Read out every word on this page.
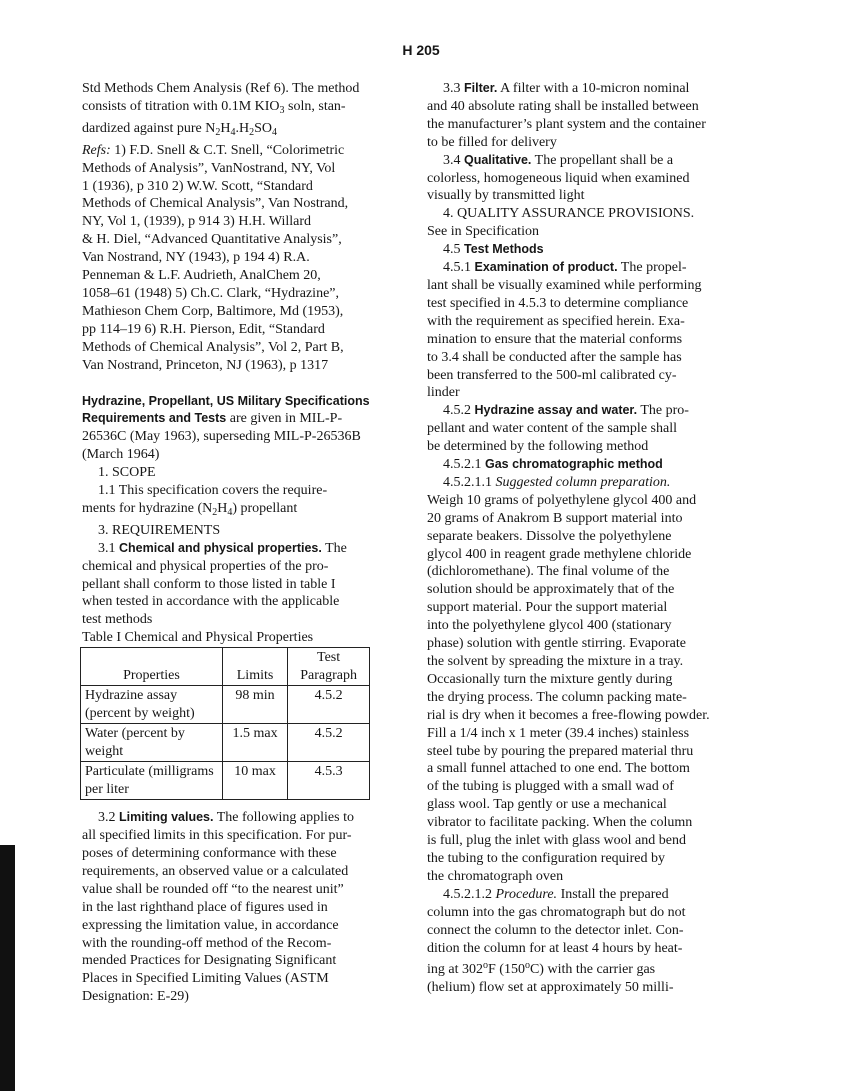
H 205

Std Methods Chem Analysis (Ref 6). The method
consists of titration with 0.1M $KIO_3$ soln, stan-
dardized against pure $N_2H_4.H_2SO_4$

Refs: 1) F.D. Snell & C.T. Snell, “Colorimetric
Methods of Analysis”, VanNostrand, NY, Vol
1 (1936), p 310 2) W.W. Scott, “Standard
Methods of Chemical Analysis”, Van Nostrand,
NY, Vol 1, (1939), p 914 3) H.H. Willard
& H. Diel, “Advanced Quantitative Analysis”,
Van Nostrand, NY (1943), p 194 4) R.A.
Penneman & L.F. Audrieth, AnalChem 20,
1058–61 (1948) 5) Ch.C. Clark, “Hydrazine”,
Mathieson Chem Corp, Baltimore, Md (1953),
pp 114–19 6) R.H. Pierson, Edit, “Standard
Methods of Chemical Analysis”, Vol 2, Part B,
Van Nostrand, Princeton, NJ (1963), p 1317

Hydrazine, Propellant, US Military Specifications
Requirements and Tests are given in MIL-P-
26536C (May 1963), superseding MIL-P-26536B
(March 1964)

1. SCOPE

1.1 This specification covers the require-
ments for hydrazine $(N_2H_4)$ propellant

3. REQUIREMENTS

3.1 Chemical and physical properties. The
chemical and physical properties of the pro-
pellant shall conform to those listed in table I
when tested in accordance with the applicable
test methods

Table I Chemical and Physical Properties

Properties	Limits	Test
Paragraph
Hydrazine assay (percent by weight)	98 min	4.5.2
Water (percent by weight	1.5 max	4.5.2
Particulate (milligrams per liter	10 max	4.5.3

3.2 Limiting values. The following applies to
all specified limits in this specification. For pur-
poses of determining conformance with these
requirements, an observed value or a calculated
value shall be rounded off “to the nearest unit”
in the last righthand place of figures used in
expressing the limitation value, in accordance
with the rounding-off method of the Recom-
mended Practices for Designating Significant
Places in Specified Limiting Values (ASTM
Designation: E-29)

3.3 Filter. A filter with a 10-micron nominal
and 40 absolute rating shall be installed between
the manufacturer’s plant system and the container
to be filled for delivery

3.4 Qualitative. The propellant shall be a
colorless, homogeneous liquid when examined
visually by transmitted light

4. QUALITY ASSURANCE PROVISIONS.

See in Specification

4.5 Test Methods

4.5.1 Examination of product. The propel-
lant shall be visually examined while performing
test specified in 4.5.3 to determine compliance
with the requirement as specified herein. Exa-
mination to ensure that the material conforms
to 3.4 shall be conducted after the sample has
been transferred to the 500-ml calibrated cy-
linder

4.5.2 Hydrazine assay and water. The pro-
pellant and water content of the sample shall
be determined by the following method

4.5.2.1 Gas chromatographic method

4.5.2.1.1 Suggested column preparation.

Weigh 10 grams of polyethylene glycol 400 and
20 grams of Anakrom B support material into
separate beakers. Dissolve the polyethylene
glycol 400 in reagent grade methylene chloride
(dichloromethane). The final volume of the
solution should be approximately that of the
support material. Pour the support material
into the polyethylene glycol 400 (stationary
phase) solution with gentle stirring. Evaporate
the solvent by spreading the mixture in a tray.
Occasionally turn the mixture gently during
the drying process. The column packing mate-
rial is dry when it becomes a free-flowing powder.
Fill a 1/4 inch x 1 meter (39.4 inches) stainless
steel tube by pouring the prepared material thru
a small funnel attached to one end. The bottom
of the tubing is plugged with a small wad of
glass wool. Tap gently or use a mechanical
vibrator to facilitate packing. When the column
is full, plug the inlet with glass wool and bend
the tubing to the configuration required by
the chromatograph oven

4.5.2.1.2 Procedure. Install the prepared
column into the gas chromatograph but do not
connect the column to the detector inlet. Con-
dition the column for at least 4 hours by heat-
ing at 302$^o$F (150$^o$C) with the carrier gas
(helium) flow set at approximately 50 milli-
